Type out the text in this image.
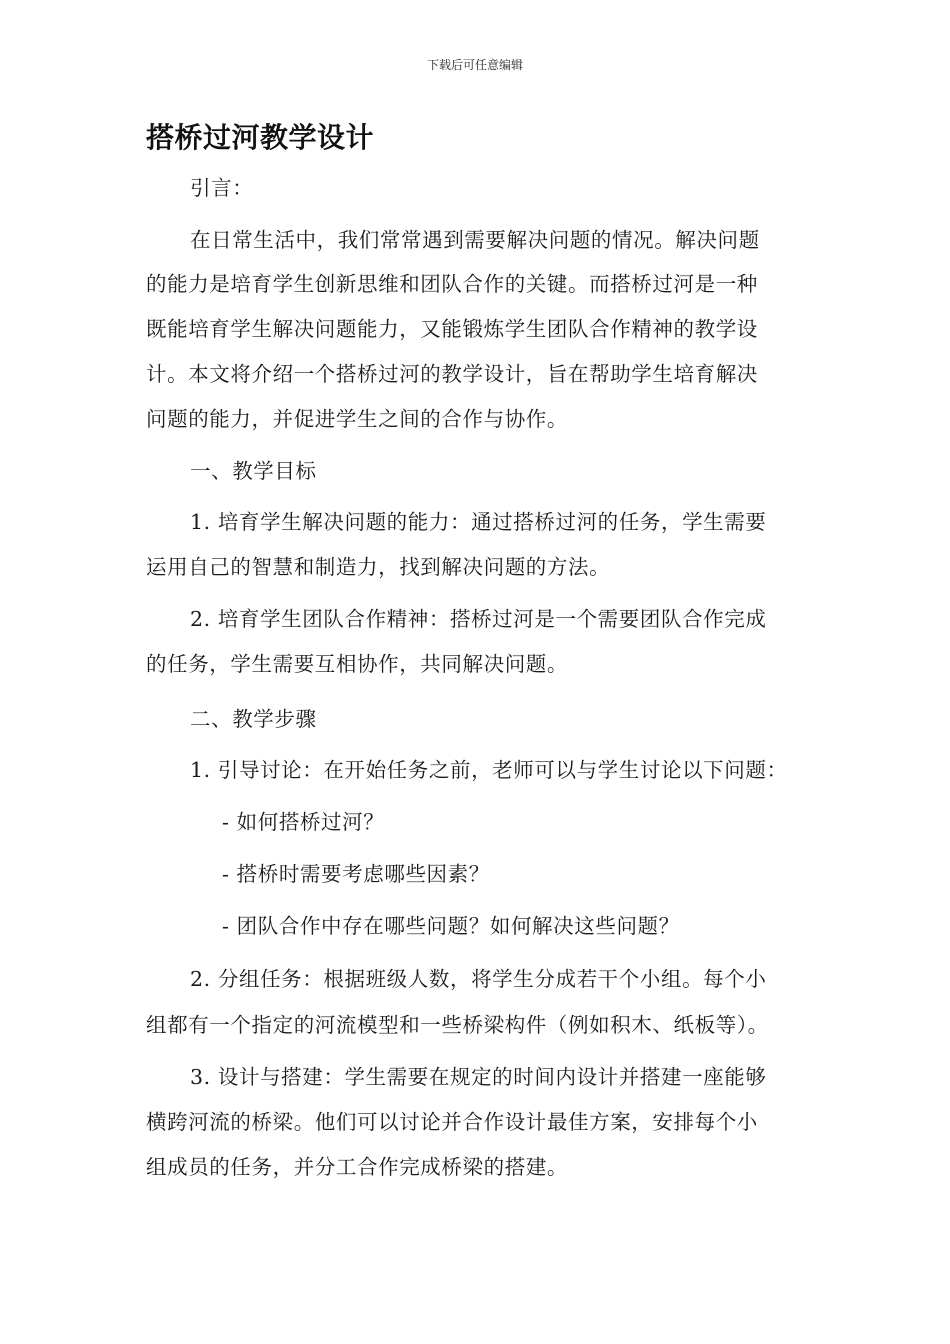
下载后可任意编辑
搭桥过河教学设计
引言：
在日常生活中，我们常常遇到需要解决问题的情况。解决问题
的能力是培育学生创新思维和团队合作的关键。而搭桥过河是一种
既能培育学生解决问题能力，又能锻炼学生团队合作精神的教学设
计。本文将介绍一个搭桥过河的教学设计，旨在帮助学生培育解决
问题的能力，并促进学生之间的合作与协作。
一、教学目标
1. 培育学生解决问题的能力：通过搭桥过河的任务，学生需要
运用自己的智慧和制造力，找到解决问题的方法。
2. 培育学生团队合作精神：搭桥过河是一个需要团队合作完成
的任务，学生需要互相协作，共同解决问题。
二、教学步骤
1. 引导讨论：在开始任务之前，老师可以与学生讨论以下问题：
- 如何搭桥过河？
- 搭桥时需要考虑哪些因素？
- 团队合作中存在哪些问题？如何解决这些问题？
2. 分组任务：根据班级人数，将学生分成若干个小组。每个小
组都有一个指定的河流模型和一些桥梁构件（例如积木、纸板等）。
3. 设计与搭建：学生需要在规定的时间内设计并搭建一座能够
横跨河流的桥梁。他们可以讨论并合作设计最佳方案，安排每个小
组成员的任务，并分工合作完成桥梁的搭建。
